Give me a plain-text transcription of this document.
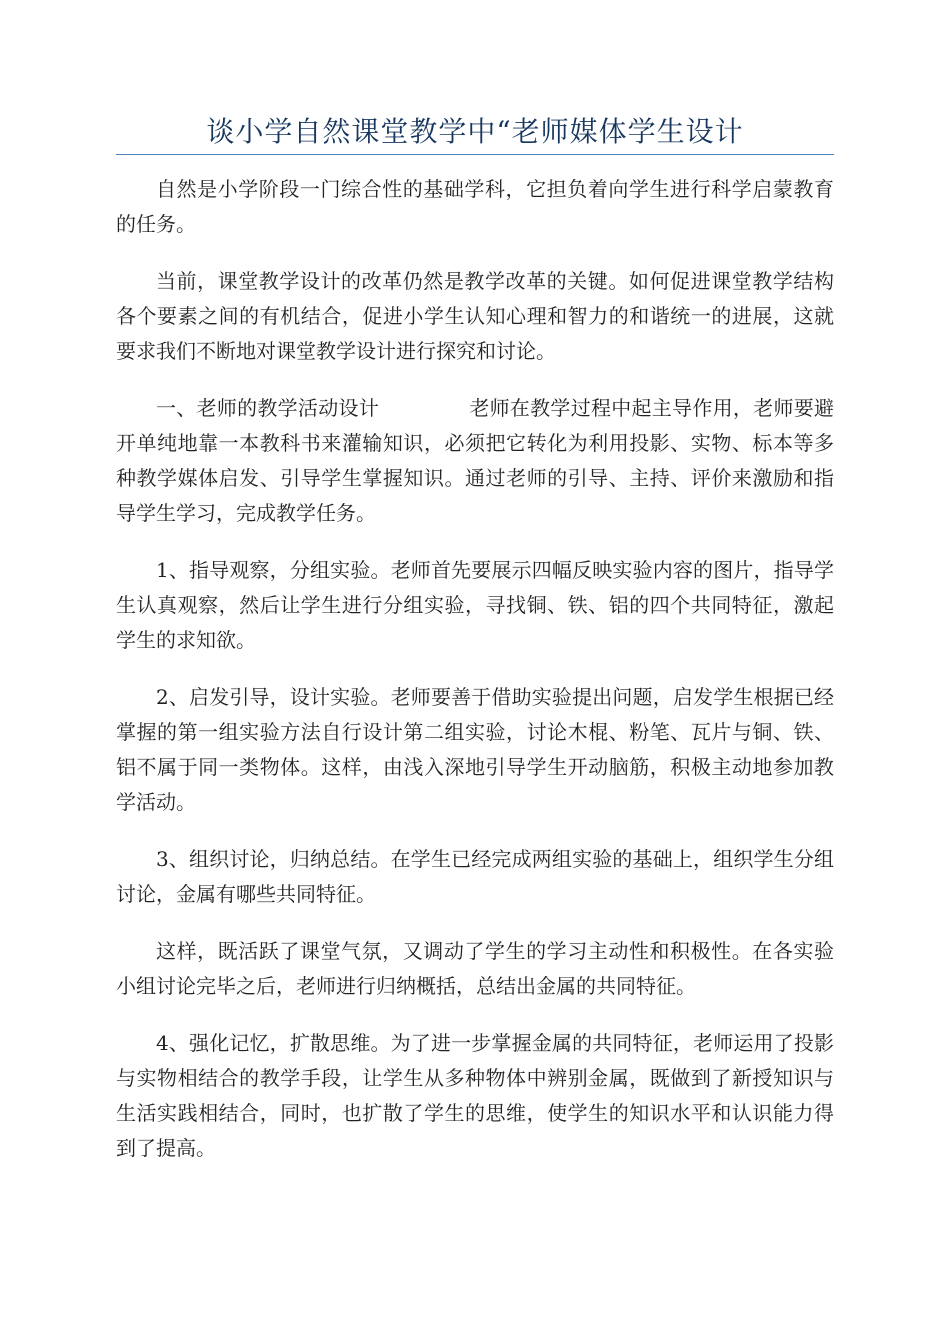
谈小学自然课堂教学中“老师媒体学生设计

自然是小学阶段一门综合性的基础学科，它担负着向学生进行科学启蒙教育的任务。

当前，课堂教学设计的改革仍然是教学改革的关键。如何促进课堂教学结构各个要素之间的有机结合，促进小学生认知心理和智力的和谐统一的进展，这就要求我们不断地对课堂教学设计进行探究和讨论。

一、老师的教学活动设计	老师在教学过程中起主导作用，老师要避开单纯地靠一本教科书来灌输知识，必须把它转化为利用投影、实物、标本等多种教学媒体启发、引导学生掌握知识。通过老师的引导、主持、评价来激励和指导学生学习，完成教学任务。

1、指导观察，分组实验。老师首先要展示四幅反映实验内容的图片，指导学生认真观察，然后让学生进行分组实验，寻找铜、铁、铝的四个共同特征，激起学生的求知欲。

2、启发引导，设计实验。老师要善于借助实验提出问题，启发学生根据已经掌握的第一组实验方法自行设计第二组实验，讨论木棍、粉笔、瓦片与铜、铁、铝不属于同一类物体。这样，由浅入深地引导学生开动脑筋，积极主动地参加教学活动。

3、组织讨论，归纳总结。在学生已经完成两组实验的基础上，组织学生分组讨论，金属有哪些共同特征。

这样，既活跃了课堂气氛，又调动了学生的学习主动性和积极性。在各实验小组讨论完毕之后，老师进行归纳概括，总结出金属的共同特征。

4、强化记忆，扩散思维。为了进一步掌握金属的共同特征，老师运用了投影与实物相结合的教学手段，让学生从多种物体中辨别金属，既做到了新授知识与生活实践相结合，同时，也扩散了学生的思维，使学生的知识水平和认识能力得到了提高。
